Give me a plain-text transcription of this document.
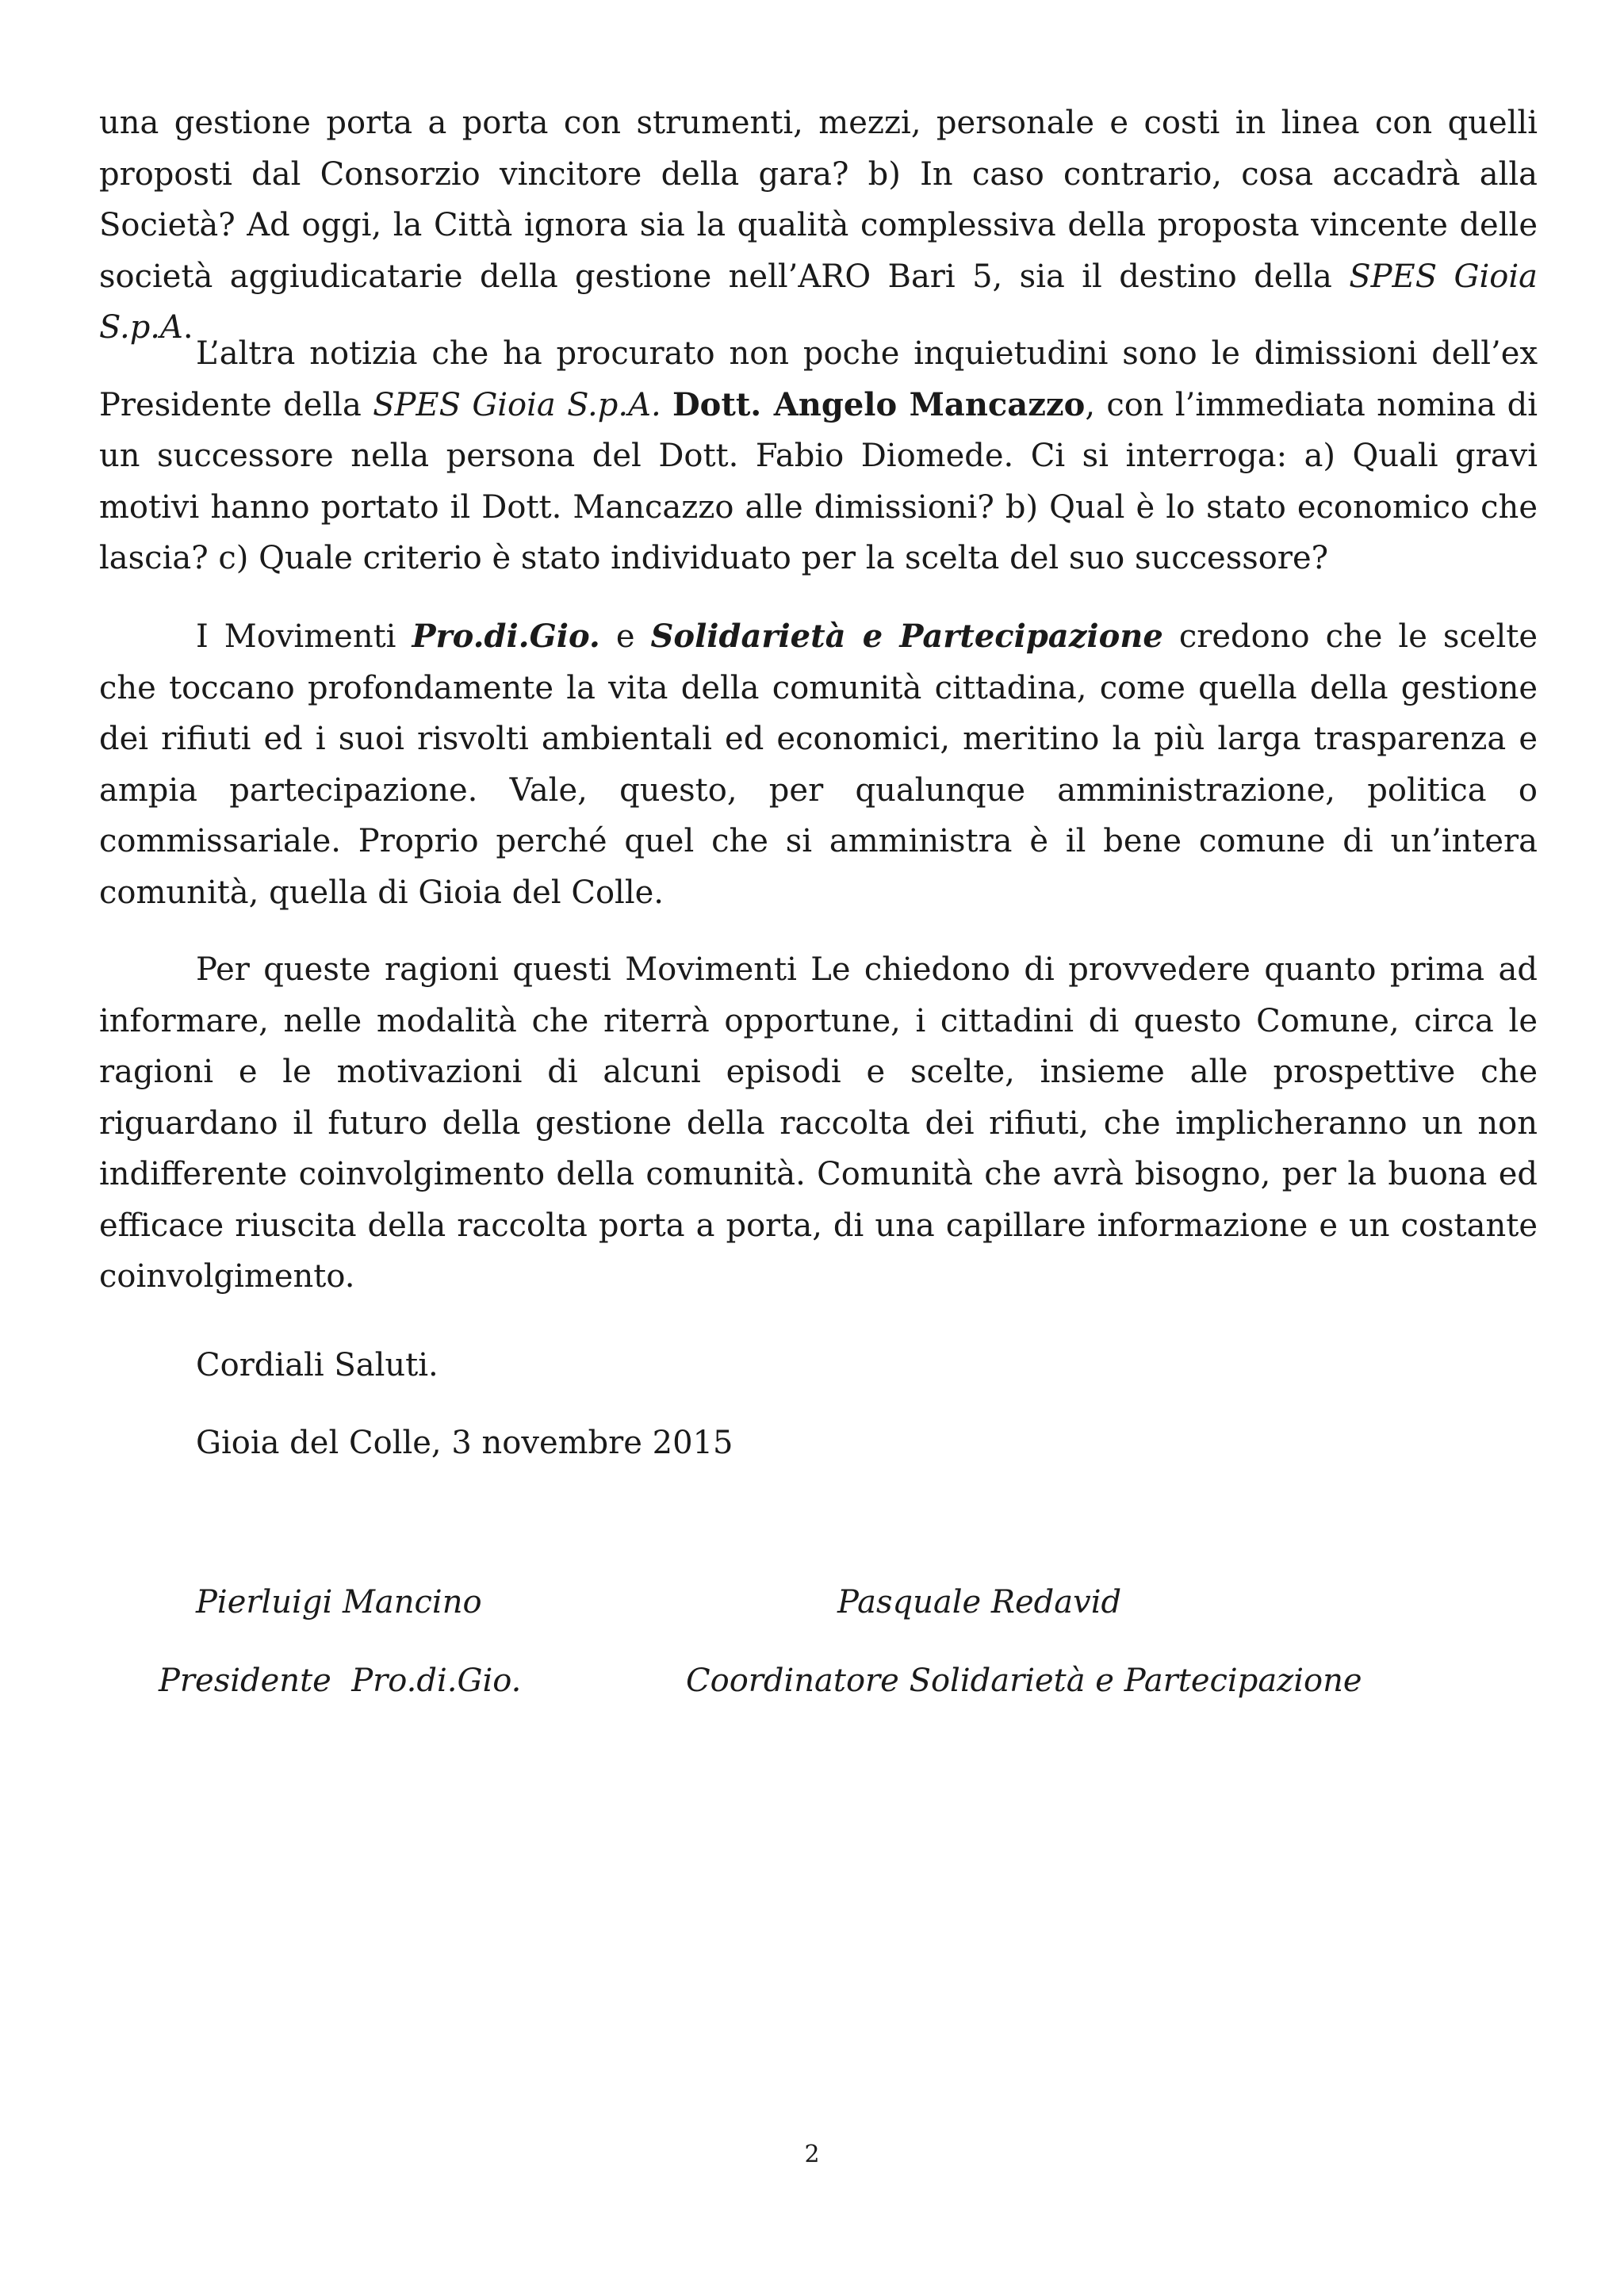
una gestione porta a porta con strumenti, mezzi, personale e costi in linea con quelli proposti dal Consorzio vincitore della gara? b) In caso contrario, cosa accadrà alla Società? Ad oggi, la Città ignora sia la qualità complessiva della proposta vincente delle società aggiudicatarie della gestione nell’ARO Bari 5, sia il destino della SPES Gioia S.p.A.

L’altra notizia che ha procurato non poche inquietudini sono le dimissioni dell’ex Presidente della SPES Gioia S.p.A. Dott. Angelo Mancazzo, con l’immediata nomina di un successore nella persona del Dott. Fabio Diomede. Ci si interroga: a) Quali gravi motivi hanno portato il Dott. Mancazzo alle dimissioni? b) Qual è lo stato economico che lascia? c) Quale criterio è stato individuato per la scelta del suo successore?

I Movimenti Pro.di.Gio. e Solidarietà e Partecipazione credono che le scelte che toccano profondamente la vita della comunità cittadina, come quella della gestione dei rifiuti ed i suoi risvolti ambientali ed economici, meritino la più larga trasparenza e ampia partecipazione. Vale, questo, per qualunque amministrazione, politica o commissariale. Proprio perché quel che si amministra è il bene comune di un’intera comunità, quella di Gioia del Colle.

Per queste ragioni questi Movimenti Le chiedono di provvedere quanto prima ad informare, nelle modalità che riterrà opportune, i cittadini di questo Comune, circa le ragioni e le motivazioni di alcuni episodi e scelte, insieme alle prospettive che riguardano il futuro della gestione della raccolta dei rifiuti, che implicheranno un non indifferente coinvolgimento della comunità. Comunità che avrà bisogno, per la buona ed efficace riuscita della raccolta porta a porta, di una capillare informazione e un costante coinvolgimento.

Cordiali Saluti.

Gioia del Colle, 3 novembre 2015

Pierluigi Mancino	Pasquale Redavid

Presidente  Pro.di.Gio.	Coordinatore Solidarietà e Partecipazione

2
